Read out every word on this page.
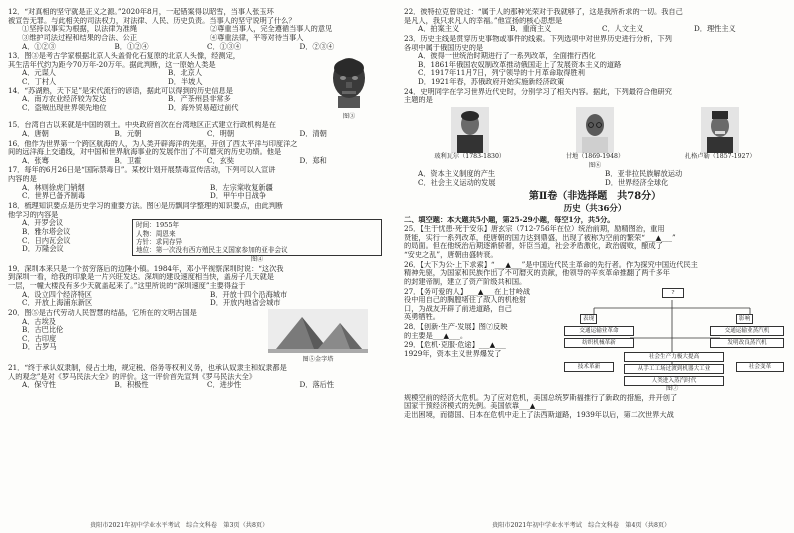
12．“对真相的坚守就是正义之源。”2020年8月，一起错案得以昭雪，当事人张玉环
被宣告无罪。与此相关的司法权力，对法律、人民、历史负责。当事人的坚守说明了什么？
①坚持以事实为根据，以法律为准绳	②尊重当事人，完全遵循当事人的意见
③维护司法过程和结果的合法、公正	④尊重法律，平等对待当事人
A．①②③	B．①②④	C．①③④	D．②③④
13．图③是考古学家根据北京人头盖骨化石复原的北京人头像，经测定，
其生活年代约为距今70万年-20万年。据此判断，这一原始人类是
A．元谋人	B．北京人
C．丁村人	D．半坡人
14．“苏湖熟，天下足”是宋代流行的谚语，据此可以得到的历史信息是
A．南方农业经济较为发达	B．产茶州县非常多
C．盗贼出现世界领先地位	D．海外贸易超过前代
图③
15．台湾自古以来就是中国的领土。中央政府首次在台湾地区正式建立行政机构是在
A．唐朝	B．元朝	C．明朝	D．清朝
16．他作为世界第一个跨区航海的人，为人类开辟海洋的先驱，开创了西太平洋与印度洋之
间的远洋海上交通线，对中国和世界航海事业的发展作出了不可磨灭的历史功绩。他是
A．张骞	B．卫霍	C．玄奘	D．郑和
17．每年的6月26日是“国际禁毒日”。某校计划开展禁毒宣传活动，下列可以入宣讲
内容的是
A．林则徐虎门销烟	B．左宗棠收复新疆
C．世界已备齐制毒	D．甲午中日战争
18．梳理知识要点是历史学习的重要方法。图④是历飘同学整理的知识要点，由此判断
他学习的内容是
A．开罗会议
B．雅尔塔会议
C．日内瓦会议
D．万隆会议
时间：1955年
人物：周恩来
方针：求同存异
地位：第一次没有西方殖民主义国家参加的亚非会议
图④
19．深圳本来只是一个贫穷落后的边陲小镇。1984年，邓小平视察深圳时说：“这次我
到深圳一看，给我的印象是一片兴旺发达。深圳的建设速度相当快，盖房子几天就是
一层，一幢大楼没有多少天就盖起来了。”这里所说的“深圳速度”主要得益于
A．设立四个经济特区	B．开放十四个沿海城市
C．开放上海浦东新区	D．开放内地省会城市
20．图⑤是古代劳动人民智慧的结晶，它所在的文明古国是
A．古埃及
B．古巴比伦
C．古印度
D．古罗马
图⑤金字塔
21．“终于承认奴隶制，侵占土地，规定税、俗务等权利义务，也承认奴隶主和奴隶都是
人的观念”是对《罗马民法大全》的评价。这一评价首先宣判《罗马民法大全》
A．保守性	B．积极性	C．进步性	D．落后性
贵阳市2021年初中学业水平考试　综合文科卷　第3页（共8页）
22．彼特拉克曾说过：“属于人的那种光荣对于我就够了，这是我所祈求的一切。我自己
是凡人，我只求凡人的幸福。”他宣扬的核心思想是
A．拍案主义	B．重商主义	C．人文主义	D．理性主义
23．历史主线是贯穿历史事物或事件的线索。下列选项中对世界历史进行分析，下列
各项中属于俄国历史的是
A．彼得一世统治时期进行了一系列改革，全面推行西化
B．1861年俄国农奴制改革推动俄国走上了发展资本主义的道路
C．1917年11月7日，列宁领导的十月革命取得胜利
D．1921年春，苏俄政府开始实施新经济政策
24．史明同学在学习世界近代史时，分别学习了相关内容。据此，下列最符合他研究
主题的是
玻利瓦尔（1783-1830）	甘地（1869-1948）	扎格卢勒（1857-1927）
图⑥
A．资本主义制度的产生	B．亚非拉民族解放运动
C．社会主义运动的发展	D．世界经济全球化
第Ⅱ卷（非选择题　共78分）
历史（共36分）
二、填空题：本大题共5小题，第25-29小题，每空1分，共5分。
25．【生于忧患·死于安乐】唐玄宗（712-756年在位）统治前期，励精图治，重用
贤能，实行一系列改革，使唐朝的国力达到鼎盛，出现了被称为空前的繁荣“___▲___”
的局面。但在他统治后期逐渐骄奢，奸臣当道，社会矛盾激化，政治腐败，酿成了
“安史之乱”，唐朝由盛转衰。
26．【大下为公·上下求索】“___▲___”是中国近代民主革命的先行者。作为探究中国近代民主
精神先驱，为国家和民族作出了不可磨灭的贡献，他领导的辛亥革命推翻了两千多年
的封建帝制，建立了资产阶级共和国。
27．【务可爱的人】___▲___在上甘岭战
役中用自己的胸膛堵住了敌人的机枪射
口，为战友开辟了前进道路，自己
英勇牺牲。
28．【创新·生产·发展】图⑦反映
的主要是___▲___。
29．【危机·克服·危途】___▲___
1929年，资本主义世界爆发了
?
表现	影响
交通运输业革命
纺织机械革新
交通运输业蒸汽机
发明改良蒸汽机
技术革新	社会变革
社会生产力极大提高
从手工工场过渡到机器大工业
人类进入蒸汽时代
图⑦
规模空前的经济大危机。为了应对危机，美国总统罗斯福推行了新政的措施，并开创了
国家干预经济模式的先例。美国依靠___▲___
走出困境，而德国、日本在危机中走上了法西斯道路，1939年以后，第二次世界大战
贵阳市2021年初中学业水平考试　综合文科卷　第4页（共8页）
